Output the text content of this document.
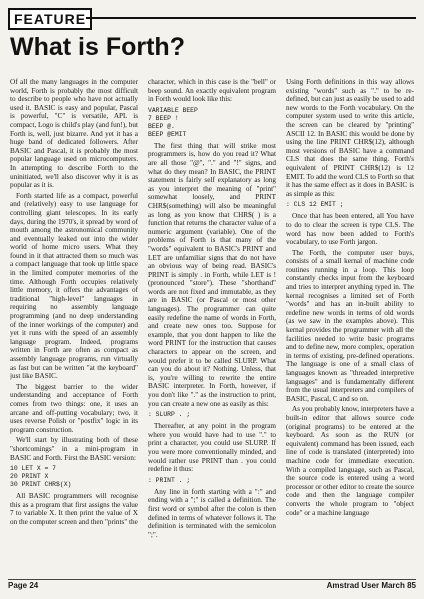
FEATURE
What is Forth?

Of all the many languages in the computer world, Forth is probably the most difficult to describe to people who have not actually used it. BASIC is easy and popular, Pascal is powerful, "C" is versatile, APL is compact, Logo is child's play (and fun!), but Forth is, well, just bizarre. And yet it has a huge band of dedicated followers. After BASIC and Pascal, it is probably the most popular language used on microcomputers. In attempting to describe Forth to the uninitiated, we'll also discover why it is as popular as it is.

Forth started life as a compact, powerful and (relatively) easy to use language for controlling giant telescopes. In its early days, during the 1970's, it spread by word of mouth among the astronomical community and eventually leaked out into the wider world of home micro users. What they found in it that attracted them so much was a compact language that took up little space in the limited computer memories of the time. Although Forth occupies relatively little memory, it offers the advantages of traditional "high-level" languages in requiring no assembly language programming (and no deep understanding of the inner workings of the computer) and yet it runs with the speed of an assembly language program. Indeed, programs written in Forth are often as compact as assembly language programs, run virtually as fast but can be written "at the keyboard" just like BASIC.

The biggest barrier to the wider understanding and acceptance of Forth comes from two things: one, it uses an arcane and off-putting vocabulary; two, it uses reverse Polish or "postfix" logic in its program construction.

We'll start by illustrating both of these "shortcomings" in a mini-program in BASIC and Forth. First the BASIC version:

10 LET X = 7
20 PRINT X
30 PRINT CHR$(X)

All BASIC programmers will recognise this as a program that first assigns the value 7 to variable X. It then print the value of X on the computer screen and then "prints" the

character, which in this case is the "bell" or beep sound. An exactly equivalent program in Forth would look like this:

VARIABLE BEEP
7 BEEP !
BEEP @.
BEEP @EMIT

The first thing that will strike most programmers is, how do you read it? What are all those "@", "." and "!" signs, and what do they mean? In BASIC, the PRINT statement is fairly self explanatory as long as you interpret the meaning of "print" somewhat loosely, and PRINT CHR$(something) will also be meaningful as long as you know that CHR$( ) is a function that returns the character value of a numeric argument (variable). One of the problems of Forth is that many of the "words" equivalent to BASIC's PRINT and LET are unfamiliar signs that do not have an obvious way of being read. BASIC's PRINT is simply . in Forth, while LET is ! (pronounced "store"). These "shorthand" words are not fixed and immutable, as they are in BASIC (or Pascal or most other languages). The programmer can quite easily redefine the name of words in Forth, and create new ones too. Suppose for example, that you dont happen to like the word PRINT for the instruction that causes characters to appear on the screen, and would prefer it to be called SLURP. What can you do about it? Nothing. Unless, that is, you're willing to rewrite the entire BASIC interpreter. In Forth, however, if you don't like "." as the instruction to print, you can create a new one as easily as this:

: SLURP . ;

Thereafter, at any point in the program where you would have had to use "." to print a character, you could use SLURP. If you were more conventionally minded, and would rather use PRINT than . you could redefine it thus:

: PRINT . ;

Any line in forth starting with a ":" and ending with a ";" is called a definition. The first word or symbol after the colon is then defined in terms of whatever follows it. The definition is terminated with the semicolon ";".

Using Forth definitions in this way allows existing "words" such as "." to be re-defined, but can just as easily be used to add new words to the Forth vocabulary. On the computer system used to write this article, the screen can be cleared by "printing" ASCII 12. In BASIC this would be done by using the line PRINT CHR$(12), although most versions of BASIC have a command CLS that does the same thing. Forth's equivalent of PRINT CHR$(12) is 12 EMIT. To add the word CLS to Forth so that it has the same effect as it does in BASIC is as simple as this:

: CLS 12 EMIT ;

Once that has been entered, all You have to do to clear the screen is type CLS. The word has now been added to Forth's vocabulary, to use Forth jargon.

The Forth, the computer user buys, consists of a small kernal of machine code routines running in a loop. This loop constantly checks input from the keyboard and tries to interpret anything typed in. The kernal recognises a limited set of Forth "words" and has an in-built ability to redefine new words in terms of old words (as we saw in the examples above). This kernal provides the programmer with all the facilities needed to write basic programs and to define new, more complex, operation in terms of existing, pre-defined operations. The language is one of a small class of languages known as "threaded interpretive languages" and is fundamentally different from the usual interpreters and compilers of BASIC, Pascal, C and so on.

As you probably know, interpreters have a built-in editor that allows source code (original programs) to be entered at the keyboard. As soon as the RUN (or equivalent) command has been issued, each line of code is translated (interpreted) into machine code for immediate execution. With a compiled language, such as Pascal, the source code is entered using a word processor or other editor to create the source code and then the language compiler converts the whole program to "object code" or a machine language

Page 24	Amstrad User March 85
